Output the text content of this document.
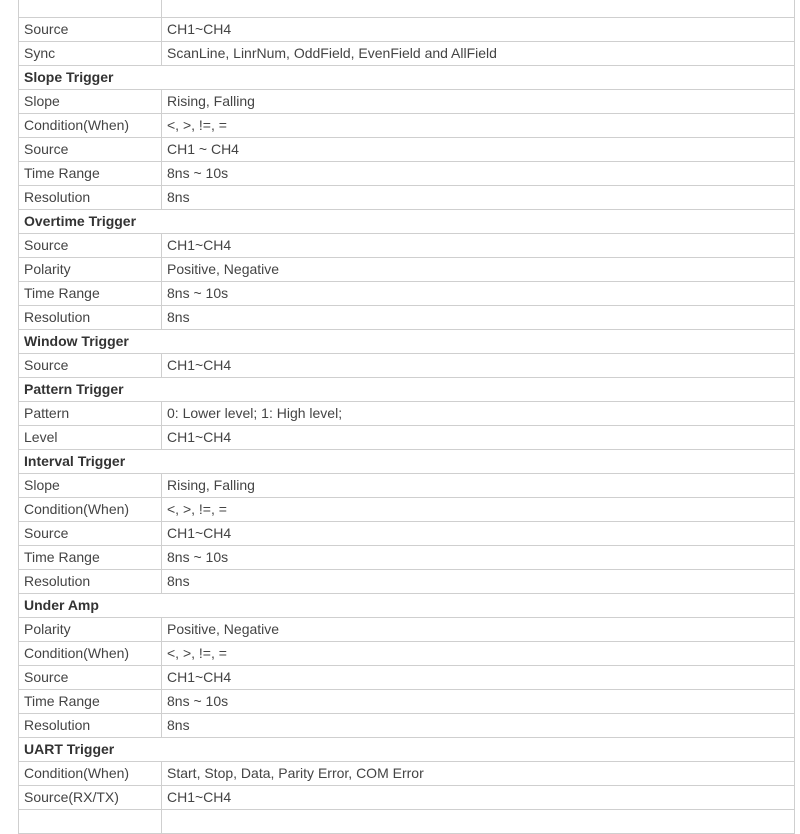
Source	CH1~CH4
Sync	ScanLine, LinrNum, OddField, EvenField and AllField
Slope Trigger	
Slope	Rising, Falling
Condition(When)	<, >, !=, =
Source	CH1 ~ CH4
Time Range	8ns ~ 10s
Resolution	8ns
Overtime Trigger	
Source	CH1~CH4
Polarity	Positive, Negative
Time Range	8ns ~ 10s
Resolution	8ns
Window Trigger	
Source	CH1~CH4
Pattern Trigger	
Pattern	0: Lower level; 1: High level;
Level	CH1~CH4
Interval Trigger	
Slope	Rising, Falling
Condition(When)	<, >, !=, =
Source	CH1~CH4
Time Range	8ns ~ 10s
Resolution	8ns
Under Amp	
Polarity	Positive, Negative
Condition(When)	<, >, !=, =
Source	CH1~CH4
Time Range	8ns ~ 10s
Resolution	8ns
UART Trigger	
Condition(When)	Start, Stop, Data, Parity Error, COM Error
Source(RX/TX)	CH1~CH4
